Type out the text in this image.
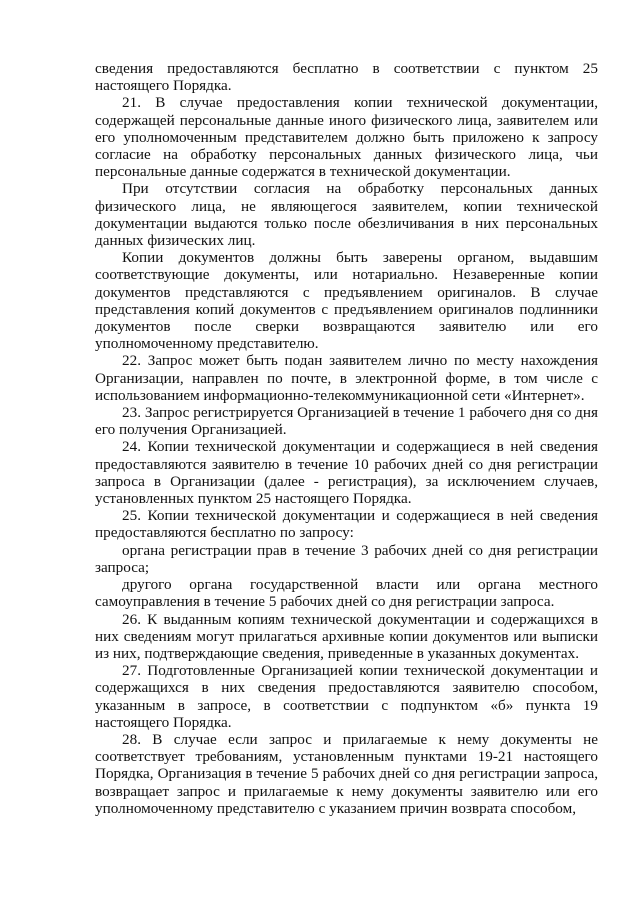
сведения предоставляются бесплатно в соответствии с пунктом 25 настоящего Порядка.

21. В случае предоставления копии технической документации, содержащей персональные данные иного физического лица, заявителем или его уполномоченным представителем должно быть приложено к запросу согласие на обработку персональных данных физического лица, чьи персональные данные содержатся в технической документации.

При отсутствии согласия на обработку персональных данных физического лица, не являющегося заявителем, копии технической документации выдаются только после обезличивания в них персональных данных физических лиц.

Копии документов должны быть заверены органом, выдавшим соответствующие документы, или нотариально. Незаверенные копии документов представляются с предъявлением оригиналов. В случае представления копий документов с предъявлением оригиналов подлинники документов после сверки возвращаются заявителю или его уполномоченному представителю.

22. Запрос может быть подан заявителем лично по месту нахождения Организации, направлен по почте, в электронной форме, в том числе с использованием информационно-телекоммуникационной сети «Интернет».

23. Запрос регистрируется Организацией в течение 1 рабочего дня со дня его получения Организацией.

24. Копии технической документации и содержащиеся в ней сведения предоставляются заявителю в течение 10 рабочих дней со дня регистрации запроса в Организации (далее - регистрация), за исключением случаев, установленных пунктом 25 настоящего Порядка.

25. Копии технической документации и содержащиеся в ней сведения предоставляются бесплатно по запросу:

органа регистрации прав в течение 3 рабочих дней со дня регистрации запроса;

другого органа государственной власти или органа местного самоуправления в течение 5 рабочих дней со дня регистрации запроса.

26. К выданным копиям технической документации и содержащихся в них сведениям могут прилагаться архивные копии документов или выписки из них, подтверждающие сведения, приведенные в указанных документах.

27. Подготовленные Организацией копии технической документации и содержащихся в них сведения предоставляются заявителю способом, указанным в запросе, в соответствии с подпунктом «б» пункта 19 настоящего Порядка.

28. В случае если запрос и прилагаемые к нему документы не соответствует требованиям, установленным пунктами 19-21 настоящего Порядка, Организация в течение 5 рабочих дней со дня регистрации запроса, возвращает запрос и прилагаемые к нему документы заявителю или его уполномоченному представителю с указанием причин возврата способом,
